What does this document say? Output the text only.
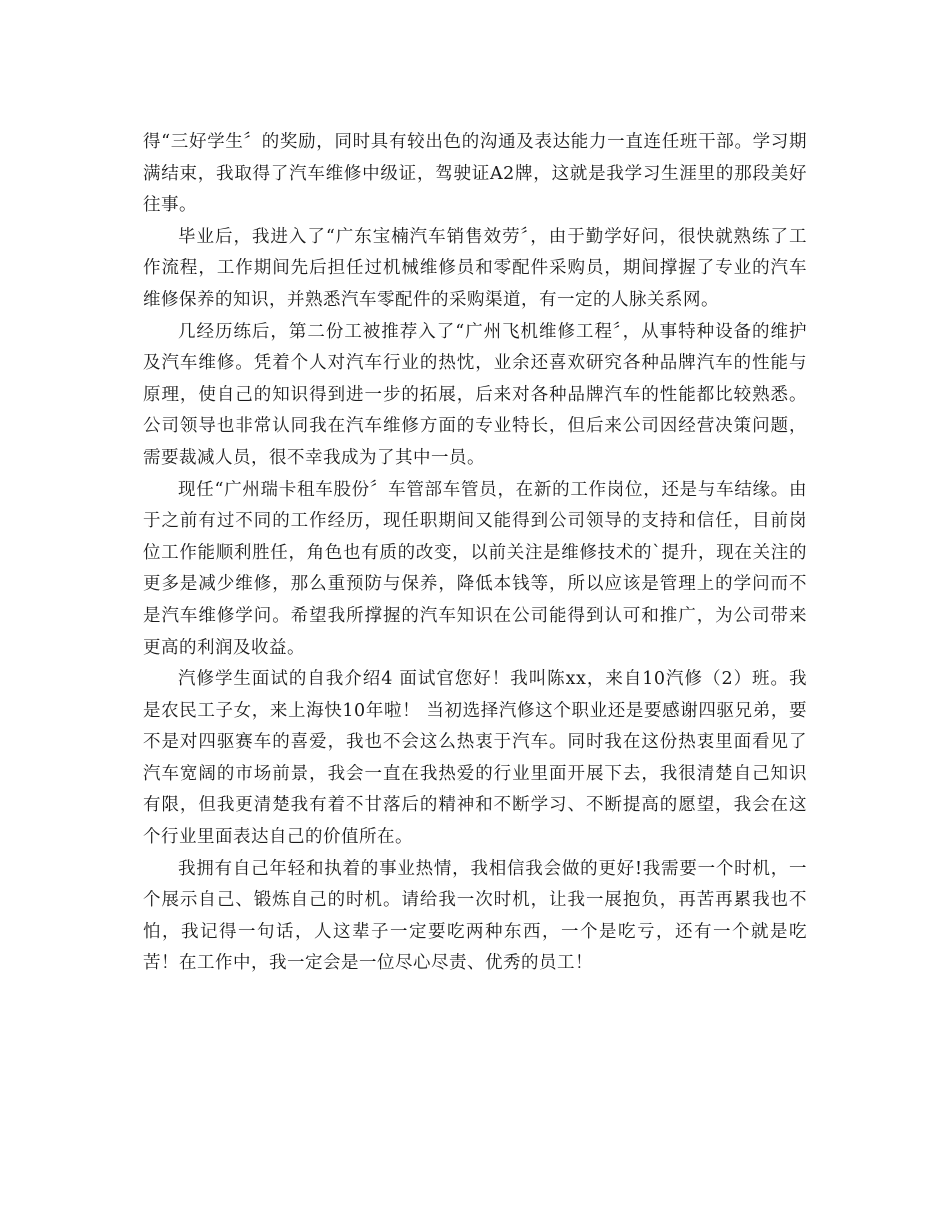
得“三好学生〞的奖励，同时具有较出色的沟通及表达能力一直连任班干部。学习期满结束，我取得了汽车维修中级证，驾驶证A2牌，这就是我学习生涯里的那段美好往事。

毕业后，我进入了“广东宝楠汽车销售效劳〞，由于勤学好问，很快就熟练了工作流程，工作期间先后担任过机械维修员和零配件采购员，期间撑握了专业的汽车维修保养的知识，并熟悉汽车零配件的采购渠道，有一定的人脉关系网。

几经历练后，第二份工被推荐入了“广州飞机维修工程〞，从事特种设备的维护及汽车维修。凭着个人对汽车行业的热忱，业余还喜欢研究各种品牌汽车的性能与原理，使自己的知识得到进一步的拓展，后来对各种品牌汽车的性能都比较熟悉。公司领导也非常认同我在汽车维修方面的专业特长，但后来公司因经营决策问题，需要裁减人员，很不幸我成为了其中一员。

现任“广州瑞卡租车股份〞车管部车管员，在新的工作岗位，还是与车结缘。由于之前有过不同的工作经历，现任职期间又能得到公司领导的支持和信任，目前岗位工作能顺利胜任，角色也有质的改变，以前关注是维修技术的`提升，现在关注的更多是减少维修，那么重预防与保养，降低本钱等，所以应该是管理上的学问而不是汽车维修学问。希望我所撑握的汽车知识在公司能得到认可和推广，为公司带来更高的利润及收益。

汽修学生面试的自我介绍4 面试官您好！我叫陈xx，来自10汽修（2）班。我是农民工子女，来上海快10年啦！ 当初选择汽修这个职业还是要感谢四驱兄弟，要不是对四驱赛车的喜爱，我也不会这么热衷于汽车。同时我在这份热衷里面看见了汽车宽阔的市场前景，我会一直在我热爱的行业里面开展下去，我很清楚自己知识有限，但我更清楚我有着不甘落后的精神和不断学习、不断提高的愿望，我会在这个行业里面表达自己的价值所在。

我拥有自己年轻和执着的事业热情，我相信我会做的更好!我需要一个时机，一个展示自己、锻炼自己的时机。请给我一次时机，让我一展抱负，再苦再累我也不怕，我记得一句话，人这辈子一定要吃两种东西，一个是吃亏，还有一个就是吃苦！在工作中，我一定会是一位尽心尽责、优秀的员工！
